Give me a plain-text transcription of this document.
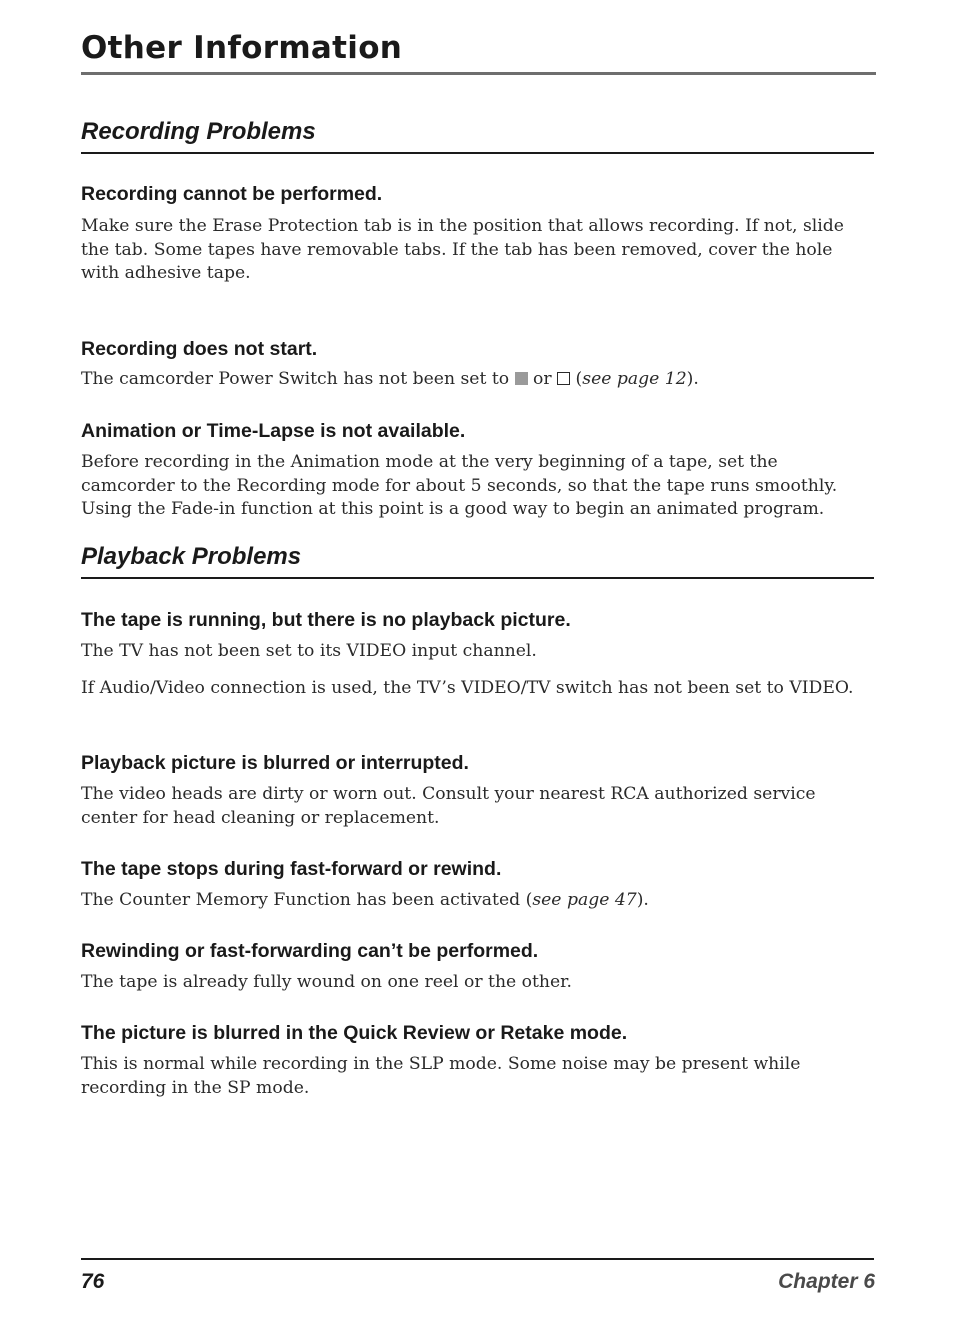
Other Information
Recording Problems
Recording cannot be performed.

Make sure the Erase Protection tab is in the position that allows recording. If not, slide the tab. Some tapes have removable tabs. If the tab has been removed, cover the hole with adhesive tape.

Recording does not start.

The camcorder Power Switch has not been set to or (see page 12).

Animation or Time-Lapse is not available.

Before recording in the Animation mode at the very beginning of a tape, set the camcorder to the Recording mode for about 5 seconds, so that the tape runs smoothly. Using the Fade-in function at this point is a good way to begin an animated program.

Playback Problems
The tape is running, but there is no playback picture.

The TV has not been set to its VIDEO input channel.

If Audio/Video connection is used, the TV’s VIDEO/TV switch has not been set to VIDEO.

Playback picture is blurred or interrupted.

The video heads are dirty or worn out. Consult your nearest RCA authorized service center for head cleaning or replacement.

The tape stops during fast-forward or rewind.

The Counter Memory Function has been activated (see page 47).

Rewinding or fast-forwarding can’t be performed.

The tape is already fully wound on one reel or the other.

The picture is blurred in the Quick Review or Retake mode.

This is normal while recording in the SLP mode. Some noise may be present while recording in the SP mode.

76	Chapter 6
